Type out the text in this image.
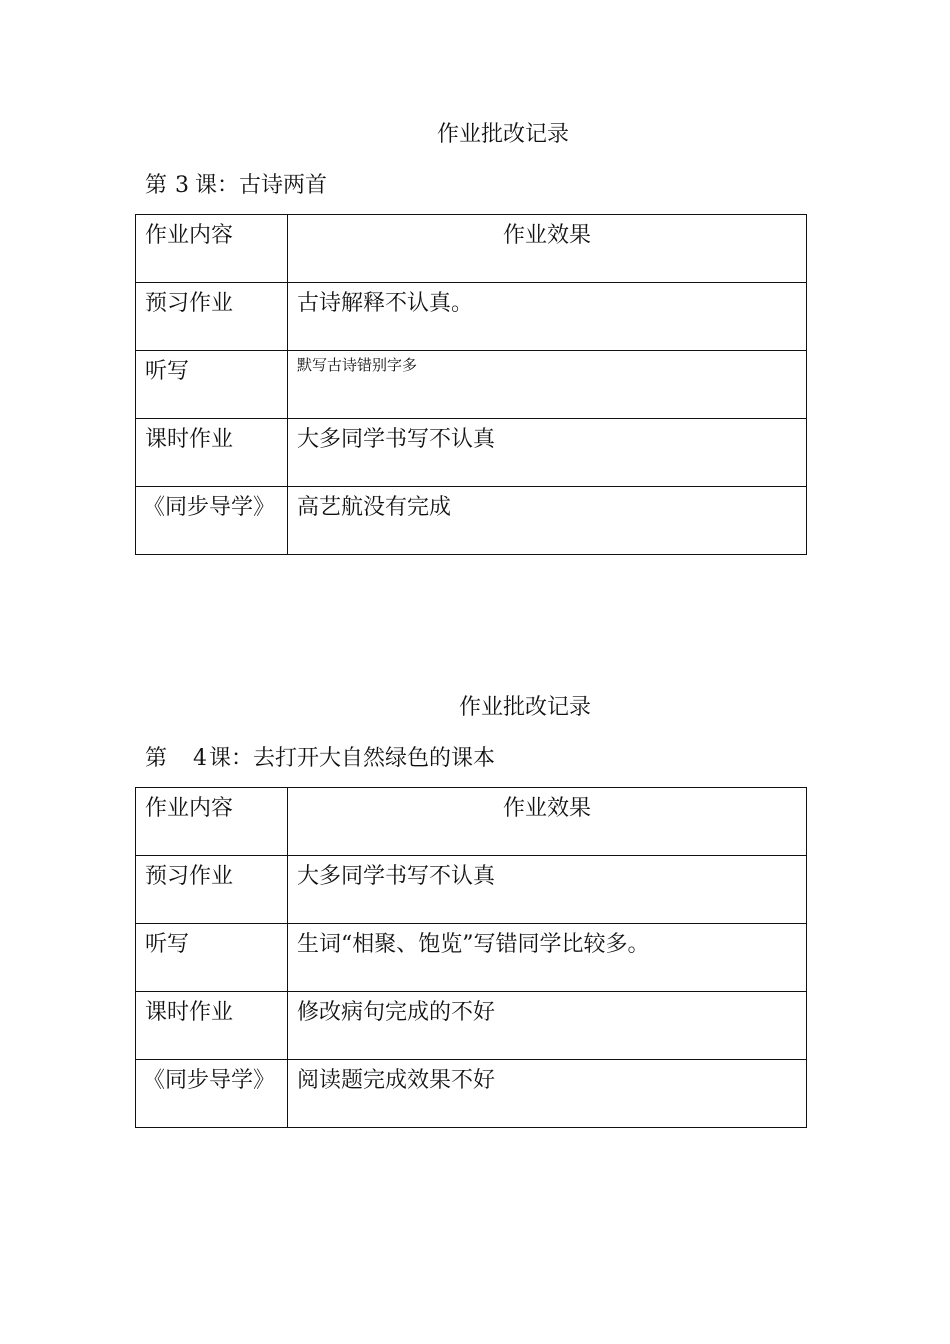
作业批改记录
第 3 课：古诗两首
作业内容	作业效果
预习作业	古诗解释不认真。
听写	默写古诗错别字多
课时作业	大多同学书写不认真
《同步导学》	高艺航没有完成
作业批改记录
第 4课：去打开大自然绿色的课本
作业内容	作业效果
预习作业	大多同学书写不认真
听写	生词“相聚、饱览”写错同学比较多。
课时作业	修改病句完成的不好
《同步导学》	阅读题完成效果不好
